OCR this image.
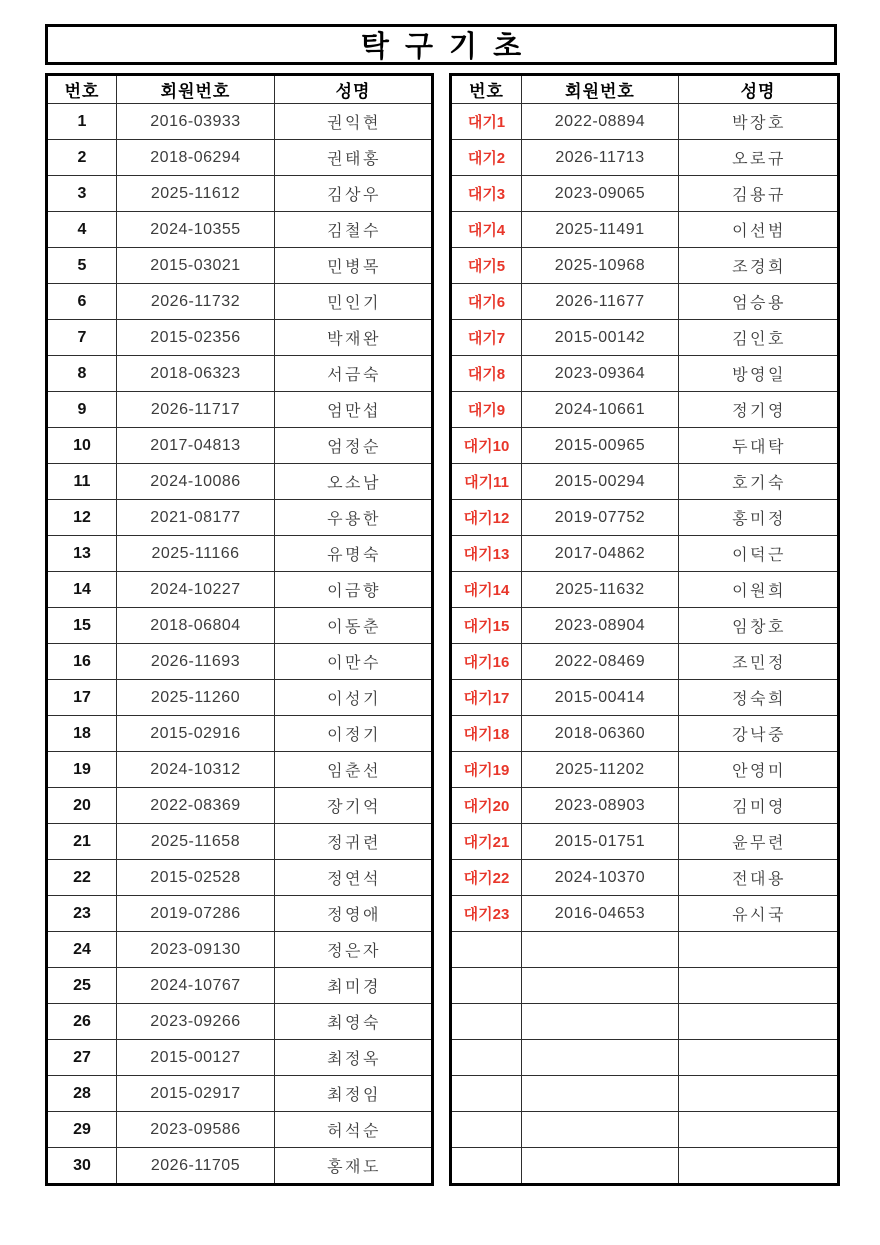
탁 구 기 초
번호	회원번호	성명
1	2016-03933	권익현
2	2018-06294	권태홍
3	2025-11612	김상우
4	2024-10355	김철수
5	2015-03021	민병목
6	2026-11732	민인기
7	2015-02356	박재완
8	2018-06323	서금숙
9	2026-11717	엄만섭
10	2017-04813	엄정순
11	2024-10086	오소남
12	2021-08177	우용한
13	2025-11166	유명숙
14	2024-10227	이금향
15	2018-06804	이동춘
16	2026-11693	이만수
17	2025-11260	이성기
18	2015-02916	이정기
19	2024-10312	임춘선
20	2022-08369	장기억
21	2025-11658	정귀련
22	2015-02528	정연석
23	2019-07286	정영애
24	2023-09130	정은자
25	2024-10767	최미경
26	2023-09266	최영숙
27	2015-00127	최정옥
28	2015-02917	최정임
29	2023-09586	허석순
30	2026-11705	홍재도
번호	회원번호	성명
대기1	2022-08894	박장호
대기2	2026-11713	오로규
대기3	2023-09065	김용규
대기4	2025-11491	이선범
대기5	2025-10968	조경희
대기6	2026-11677	엄승용
대기7	2015-00142	김인호
대기8	2023-09364	방영일
대기9	2024-10661	정기영
대기10	2015-00965	두대탁
대기11	2015-00294	호기숙
대기12	2019-07752	홍미정
대기13	2017-04862	이덕근
대기14	2025-11632	이원희
대기15	2023-08904	임창호
대기16	2022-08469	조민정
대기17	2015-00414	정숙희
대기18	2018-06360	강낙중
대기19	2025-11202	안영미
대기20	2023-08903	김미영
대기21	2015-01751	윤무련
대기22	2024-10370	전대용
대기23	2016-04653	유시국
